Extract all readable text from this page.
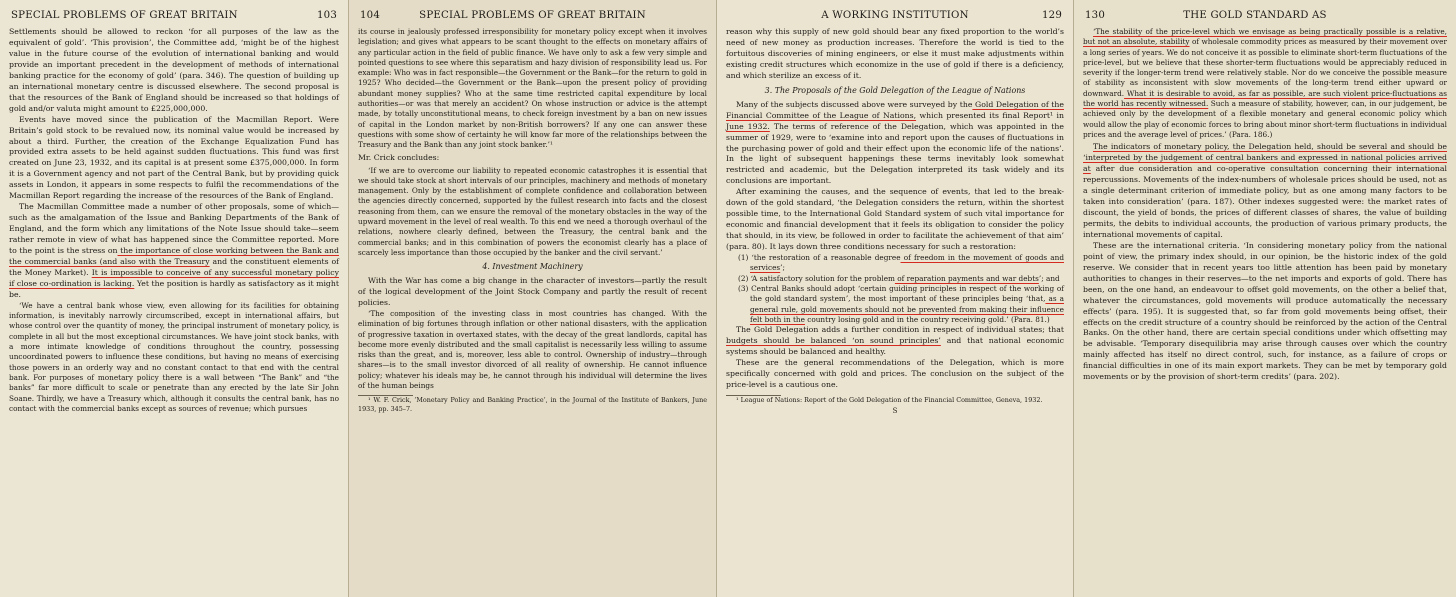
SPECIAL PROBLEMS OF GREAT BRITAIN	103

Settlements should be allowed to reckon ‘for all purposes of the law as the equivalent of gold’. ‘This provision’, the Committee add, ‘might be of the highest value in the future course of the evolution of international banking and would provide an important precedent in the development of methods of international banking practice for the economy of gold’ (para. 346). The question of building up an international monetary centre is discussed elsewhere. The second proposal is that the resources of the Bank of England should be increased so that holdings of gold and/or valuta might amount to £225,000,000.

Events have moved since the publication of the Macmillan Report. Were Britain’s gold stock to be revalued now, its nominal value would be increased by about a third. Further, the creation of the Exchange Equalization Fund has provided extra assets to be held against sudden fluctuations. This fund was first created on June 23, 1932, and its capital is at present some £375,000,000. In form it is a Government agency and not part of the Central Bank, but by providing quick assets in London, it appears in some respects to fulfil the recommendations of the Macmillan Report regarding the increase of the resources of the Bank of England.

The Macmillan Committee made a number of other proposals, some of which—such as the amalgamation of the Issue and Banking Departments of the Bank of England, and the form which any limitations of the Note Issue should take—seem rather remote in view of what has happened since the Committee reported. More to the point is the stress on the importance of close working between the Bank and the commercial banks (and also with the Treasury and the constituent elements of the Money Market). It is impossible to conceive of any successful monetary policy if close co-ordination is lacking. Yet the position is hardly as satisfactory as it might be.

‘We have a central bank whose view, even allowing for its facilities for obtaining information, is inevitably narrowly circumscribed, except in international affairs, but whose control over the quantity of money, the principal instrument of monetary policy, is complete in all but the most exceptional circumstances. We have joint stock banks, with a more intimate knowledge of conditions throughout the country, possessing uncoordinated powers to influence these conditions, but having no means of exercising those powers in an orderly way and no constant contact to that end with the central bank. For purposes of monetary policy there is a wall between “The Bank” and “the banks” far more difficult to scale or penetrate than any erected by the late Sir John Soane. Thirdly, we have a Treasury which, although it consults the central bank, has no contact with the commercial banks except as sources of revenue; which pursues

104	SPECIAL PROBLEMS OF GREAT BRITAIN

its course in jealously professed irresponsibility for monetary policy except when it involves legislation; and gives what appears to be scant thought to the effects on monetary affairs of any particular action in the field of public finance. We have only to ask a few very simple and pointed questions to see where this separatism and hazy division of responsibility lead us. For example: Who was in fact responsible—the Government or the Bank—for the return to gold in 1925? Who decided—the Government or the Bank—upon the present policy of providing abundant money supplies? Who at the same time restricted capital expenditure by local authorities—or was that merely an accident? On whose instruction or advice is the attempt made, by totally unconstitutional means, to check foreign investment by a ban on new issues of capital in the London market by non-British borrowers? If any one can answer these questions with some show of certainty he will know far more of the relationships between the Treasury and the Bank than any joint stock banker.’¹

Mr. Crick concludes:

‘If we are to overcome our liability to repeated economic catastrophes it is essential that we should take stock at short intervals of our principles, machinery and methods of monetary management. Only by the establishment of complete confidence and collaboration between the agencies directly concerned, supported by the fullest research into facts and the closest reasoning from them, can we ensure the removal of the monetary obstacles in the way of the upward movement in the level of real wealth. To this end we need a thorough overhaul of the relations, nowhere clearly defined, between the Treasury, the central bank and the commercial banks; and in this combination of powers the economist clearly has a place of scarcely less importance than those occupied by the banker and the civil servant.’

4. Investment Machinery

With the War has come a big change in the character of investors—partly the result of the logical development of the Joint Stock Company and partly the result of recent policies.

‘The composition of the investing class in most countries has changed. With the elimination of big fortunes through inflation or other national disasters, with the application of progressive taxation in overtaxed states, with the decay of the great landlords, capital has become more evenly distributed and the small capitalist is necessarily less willing to assume risks than the great, and is, moreover, less able to control. Ownership of industry—through shares—is to the small investor divorced of all reality of ownership. He cannot influence policy; whatever his ideals may be, he cannot through his individual will determine the lives of the human beings

¹ W. F. Crick, ‘Monetary Policy and Banking Practice’, in the Journal of the Institute of Bankers, June 1933, pp. 345–7.

A WORKING INSTITUTION	129

reason why this supply of new gold should bear any fixed proportion to the world’s need of new money as production increases. Therefore the world is tied to the fortuitous discoveries of mining engineers, or else it must make adjustments within existing credit structures which economize in the use of gold if there is a deficiency, and which sterilize an excess of it.

3. The Proposals of the Gold Delegation of the League of Nations

Many of the subjects discussed above were surveyed by the Gold Delegation of the Financial Committee of the League of Nations, which presented its final Report¹ in June 1932. The terms of reference of the Delegation, which was appointed in the summer of 1929, were to ‘examine into and report upon the causes of fluctuations in the purchasing power of gold and their effect upon the economic life of the nations’. In the light of subsequent happenings these terms inevitably look somewhat restricted and academic, but the Delegation interpreted its task widely and its conclusions are important.

After examining the causes, and the sequence of events, that led to the break-down of the gold standard, ‘the Delegation considers the return, within the shortest possible time, to the International Gold Standard system of such vital importance for economic and financial development that it feels its obligation to consider the policy that should, in its view, be followed in order to facilitate the achievement of that aim’ (para. 80). It lays down three conditions necessary for such a restoration:

(1) ‘the restoration of a reasonable degree of freedom in the movement of goods and services’;
(2) ‘A satisfactory solution for the problem of reparation payments and war debts’; and
(3) Central Banks should adopt ‘certain guiding principles in respect of the working of the gold standard system’, the most important of these principles being ‘that, as a general rule, gold movements should not be prevented from making their influence felt both in the country losing gold and in the country receiving gold.’ (Para. 81.)

The Gold Delegation adds a further condition in respect of individual states; that budgets should be balanced ‘on sound principles’ and that national economic systems should be balanced and healthy.

These are the general recommendations of the Delegation, which is more specifically concerned with gold and prices. The conclusion on the subject of the price-level is a cautious one.

¹ League of Nations: Report of the Gold Delegation of the Financial Committee, Geneva, 1932.

S
130	THE GOLD STANDARD AS

‘The stability of the price-level which we envisage as being practically possible is a relative, but not an absolute, stability of wholesale commodity prices as measured by their movement over a long series of years. We do not conceive it as possible to eliminate short-term fluctuations of the price-level, but we believe that these shorter-term fluctuations would be appreciably reduced in severity if the longer-term trend were relatively stable. Nor do we conceive the possible measure of stability as inconsistent with slow movements of the long-term trend either upward or downward. What it is desirable to avoid, as far as possible, are such violent price-fluctuations as the world has recently witnessed. Such a measure of stability, however, can, in our judgement, be achieved only by the development of a flexible monetary and general economic policy which would allow the play of economic forces to bring about minor short-term fluctuations in individual prices and the average level of prices.’ (Para. 186.)

The indicators of monetary policy, the Delegation held, should be several and should be ‘interpreted by the judgement of central bankers and expressed in national policies arrived at after due consideration and co-operative consultation concerning their international repercussions. Movements of the index-numbers of wholesale prices should be used, not as a single determinant criterion of immediate policy, but as one among many factors to be taken into consideration’ (para. 187). Other indexes suggested were: the market rates of discount, the yield of bonds, the prices of different classes of shares, the value of building permits, the debits to individual accounts, the production of various primary products, the international movements of capital.

These are the international criteria. ‘In considering monetary policy from the national point of view, the primary index should, in our opinion, be the historic index of the gold reserve. We consider that in recent years too little attention has been paid by monetary authorities to changes in their reserves—to the net imports and exports of gold. There has been, on the one hand, an endeavour to offset gold movements, on the other a belief that, whatever the circumstances, gold movements will produce automatically the necessary effects’ (para. 195). It is suggested that, so far from gold movements being offset, their effects on the credit structure of a country should be reinforced by the action of the Central Banks. On the other hand, there are certain special conditions under which offsetting may be advisable. ‘Temporary disequilibria may arise through causes over which the country mainly affected has itself no direct control, such, for instance, as a failure of crops or financial difficulties in one of its main export markets. They can be met by temporary gold movements or by the provision of short-term credits’ (para. 202).
